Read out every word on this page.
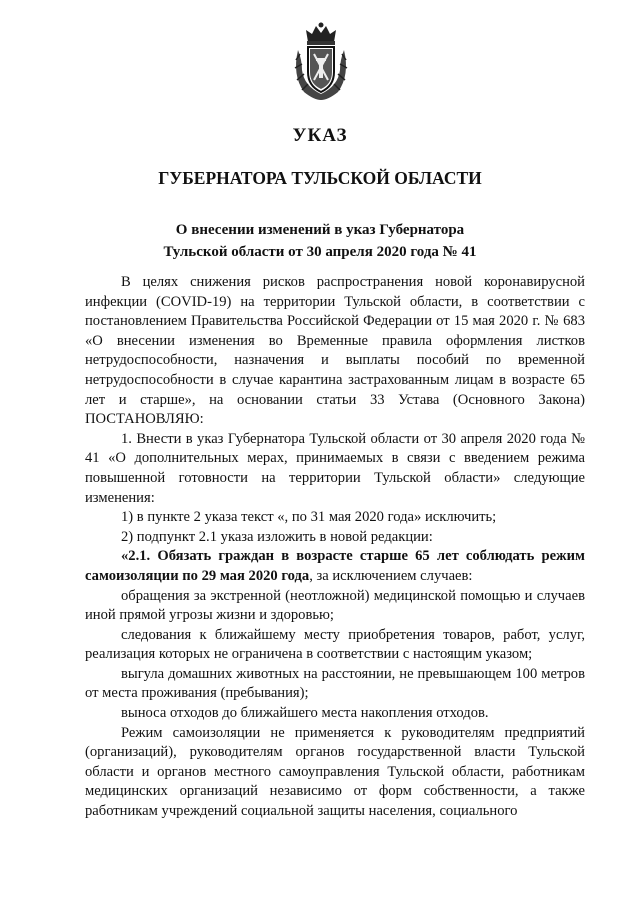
УКАЗ
ГУБЕРНАТОРА ТУЛЬСКОЙ ОБЛАСТИ
О внесении изменений в указ Губернатора
Тульской области от 30 апреля 2020 года № 41

В целях снижения рисков распространения новой коронавирусной инфекции (COVID-19) на территории Тульской области, в соответствии с постановлением Правительства Российской Федерации от 15 мая 2020 г. № 683 «О внесении изменения во Временные правила оформления листков нетрудоспособности, назначения и выплаты пособий по временной нетрудоспособности в случае карантина застрахованным лицам в возрасте 65 лет и старше», на основании статьи 33 Устава (Основного Закона) ПОСТАНОВЛЯЮ:

1. Внести в указ Губернатора Тульской области от 30 апреля 2020 года № 41 «О дополнительных мерах, принимаемых в связи с введением режима повышенной готовности на территории Тульской области» следующие изменения:

1) в пункте 2 указа текст «, по 31 мая 2020 года» исключить;

2) подпункт 2.1 указа изложить в новой редакции:

«2.1. Обязать граждан в возрасте старше 65 лет соблюдать режим самоизоляции по 29 мая 2020 года, за исключением случаев:

обращения за экстренной (неотложной) медицинской помощью и случаев иной прямой угрозы жизни и здоровью;

следования к ближайшему месту приобретения товаров, работ, услуг, реализация которых не ограничена в соответствии с настоящим указом;

выгула домашних животных на расстоянии, не превышающем 100 метров от места проживания (пребывания);

выноса отходов до ближайшего места накопления отходов.

Режим самоизоляции не применяется к руководителям предприятий (организаций), руководителям органов государственной власти Тульской области и органов местного самоуправления Тульской области, работникам медицинских организаций независимо от форм собственности, а также работникам учреждений социальной защиты населения, социального
